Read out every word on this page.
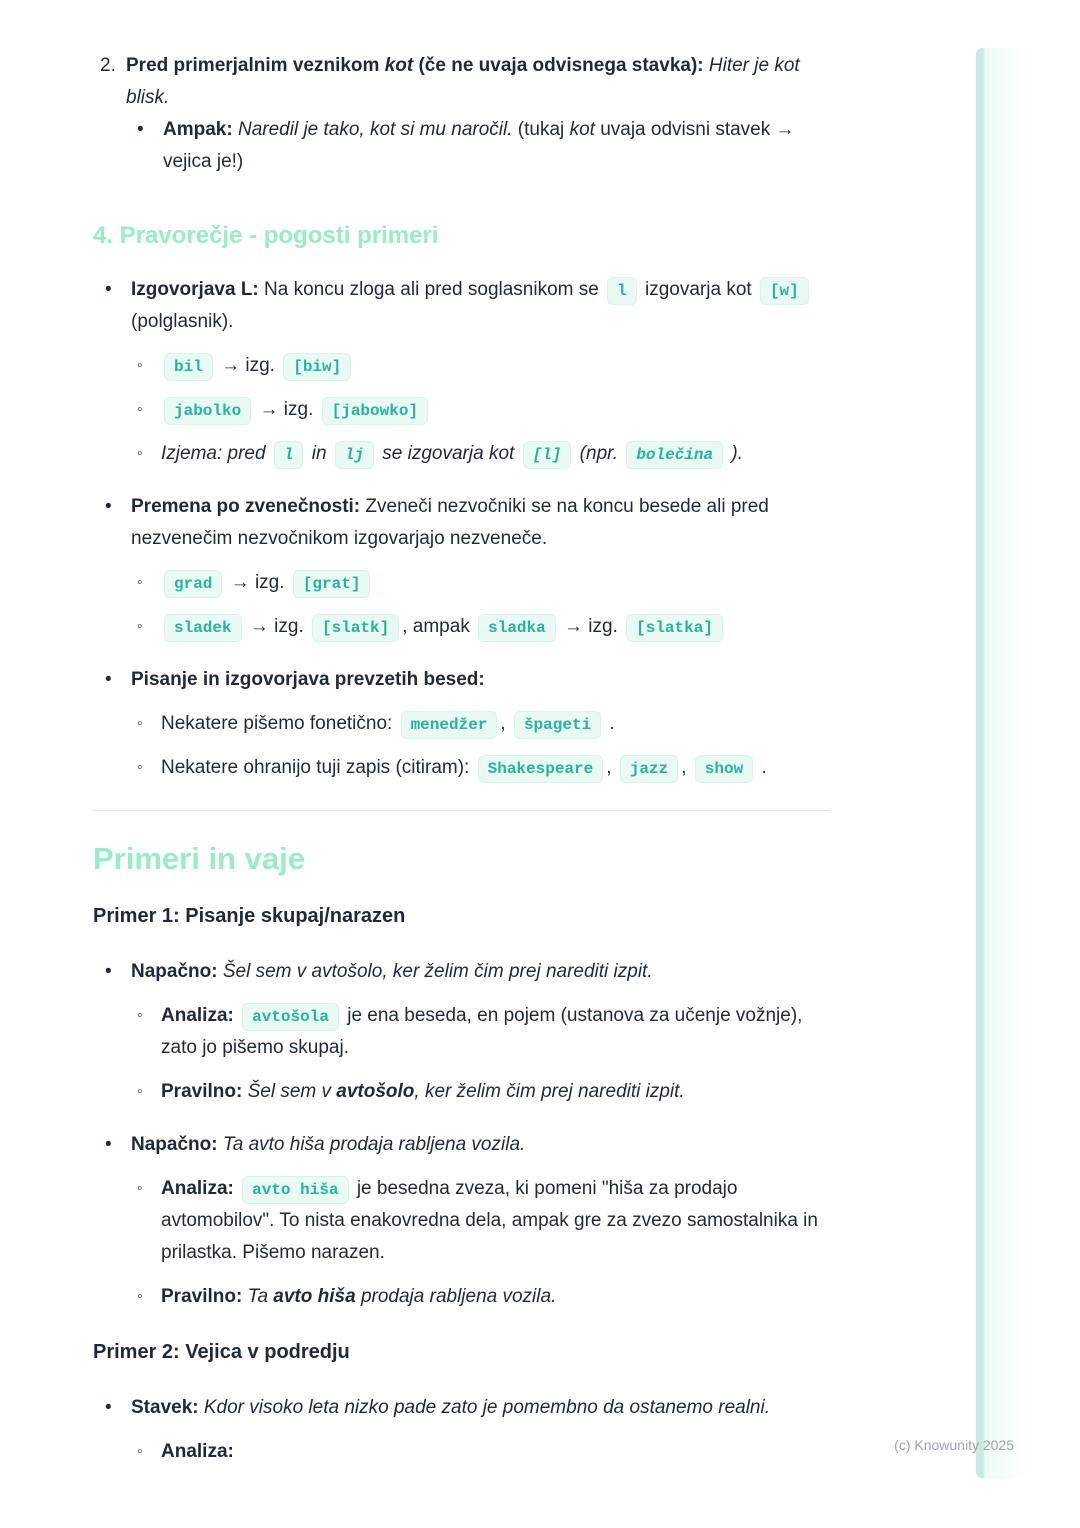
2. Pred primerjalnim veznikom kot (če ne uvaja odvisnega stavka): Hiter je kot blisk.
•	Ampak: Naredil je tako, kot si mu naročil. (tukaj kot uvaja odvisni stavek → vejica je!)
4. Pravorečje - pogosti primeri
•	Izgovorjava L: Na koncu zloga ali pred soglasnikom se l izgovarja kot [w] (polglasnik).
◦	bil → izg. [biw]
◦	jabolko → izg. [jabowko]
◦ Izjema: pred l in lj se izgovarja kot [l] (npr. bolečina ).
•	Premena po zvenečnosti: Zveneči nezvočniki se na koncu besede ali pred nezvenečim nezvočnikom izgovarjajo nezveneče.
◦	grad → izg. [grat]
◦	sladek → izg. [slatk] , ampak sladka → izg. [slatka]
•	Pisanje in izgovorjava prevzetih besed:
◦ Nekatere pišemo fonetično: menedžer , špageti .
◦ Nekatere ohranijo tuji zapis (citiram): Shakespeare , jazz , show .
Primeri in vaje
Primer 1: Pisanje skupaj/narazen
•	Napačno: Šel sem v avtošolo, ker želim čim prej narediti izpit.
◦ Analiza: avtošola je ena beseda, en pojem (ustanova za učenje vožnje), zato jo pišemo skupaj.
◦ Pravilno: Šel sem v avtošolo, ker želim čim prej narediti izpit.
•	Napačno: Ta avto hiša prodaja rabljena vozila.
◦ Analiza: avto hiša je besedna zveza, ki pomeni "hiša za prodajo avtomobilov". To nista enakovredna dela, ampak gre za zvezo samostalnika in prilastka. Pišemo narazen.
◦ Pravilno: Ta avto hiša prodaja rabljena vozila.
Primer 2: Vejica v podredju
•	Stavek: Kdor visoko leta nizko pade zato je pomembno da ostanemo realni.
◦ Analiza:	(c) Knowunity 2025
